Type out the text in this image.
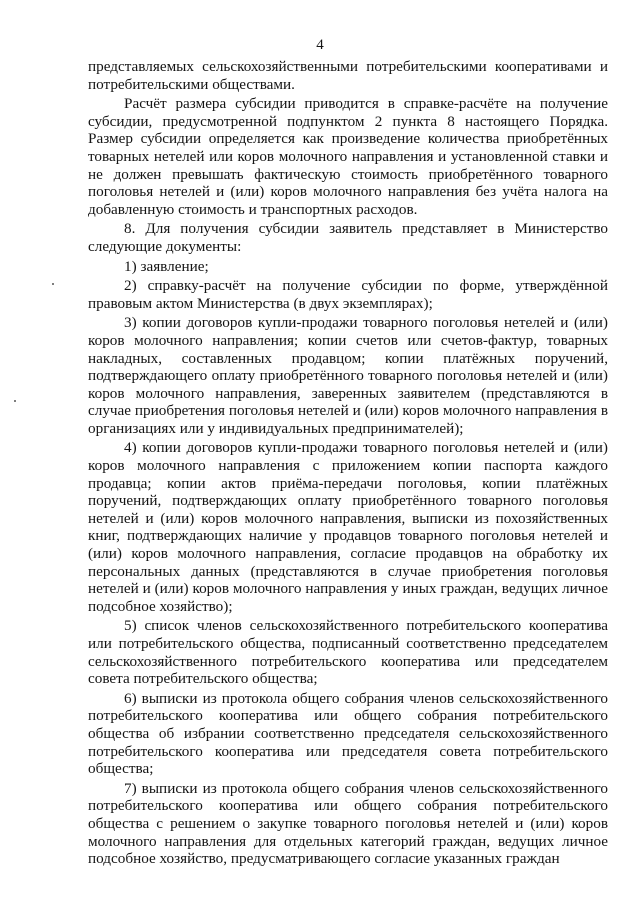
4

представляемых сельскохозяйственными потребительскими кооперативами и потребительскими обществами.

Расчёт размера субсидии приводится в справке-расчёте на получение субсидии, предусмотренной подпунктом 2 пункта 8 настоящего Порядка. Размер субсидии определяется как произведение количества приобретённых товарных нетелей или коров молочного направления и установленной ставки и не должен превышать фактическую стоимость приобретённого товарного поголовья нетелей и (или) коров молочного направления без учёта налога на добавленную стоимость и транспортных расходов.

8. Для получения субсидии заявитель представляет в Министерство следующие документы:

1) заявление;

2) справку-расчёт на получение субсидии по форме, утверждённой правовым актом Министерства (в двух экземплярах);

3) копии договоров купли-продажи товарного поголовья нетелей и (или) коров молочного направления; копии счетов или счетов-фактур, товарных накладных, составленных продавцом; копии платёжных поручений, подтверждающего оплату приобретённого товарного поголовья нетелей и (или) коров молочного направления, заверенных заявителем (представляются в случае приобретения поголовья нетелей и (или) коров молочного направления в организациях или у индивидуальных предпринимателей);

4) копии договоров купли-продажи товарного поголовья нетелей и (или) коров молочного направления с приложением копии паспорта каждого продавца; копии актов приёма-передачи поголовья, копии платёжных поручений, подтверждающих оплату приобретённого товарного поголовья нетелей и (или) коров молочного направления, выписки из похозяйственных книг, подтверждающих наличие у продавцов товарного поголовья нетелей и (или) коров молочного направления, согласие продавцов на обработку их персональных данных (представляются в случае приобретения поголовья нетелей и (или) коров молочного направления у иных граждан, ведущих личное подсобное хозяйство);

5) список членов сельскохозяйственного потребительского кооператива или потребительского общества, подписанный соответственно председателем сельскохозяйственного потребительского кооператива или председателем совета потребительского общества;

6) выписки из протокола общего собрания членов сельскохозяйственного потребительского кооператива или общего собрания потребительского общества об избрании соответственно председателя сельскохозяйственного потребительского кооператива или председателя совета потребительского общества;

7) выписки из протокола общего собрания членов сельскохозяйственного потребительского кооператива или общего собрания потребительского общества с решением о закупке товарного поголовья нетелей и (или) коров молочного направления для отдельных категорий граждан, ведущих личное подсобное хозяйство, предусматривающего согласие указанных граждан
